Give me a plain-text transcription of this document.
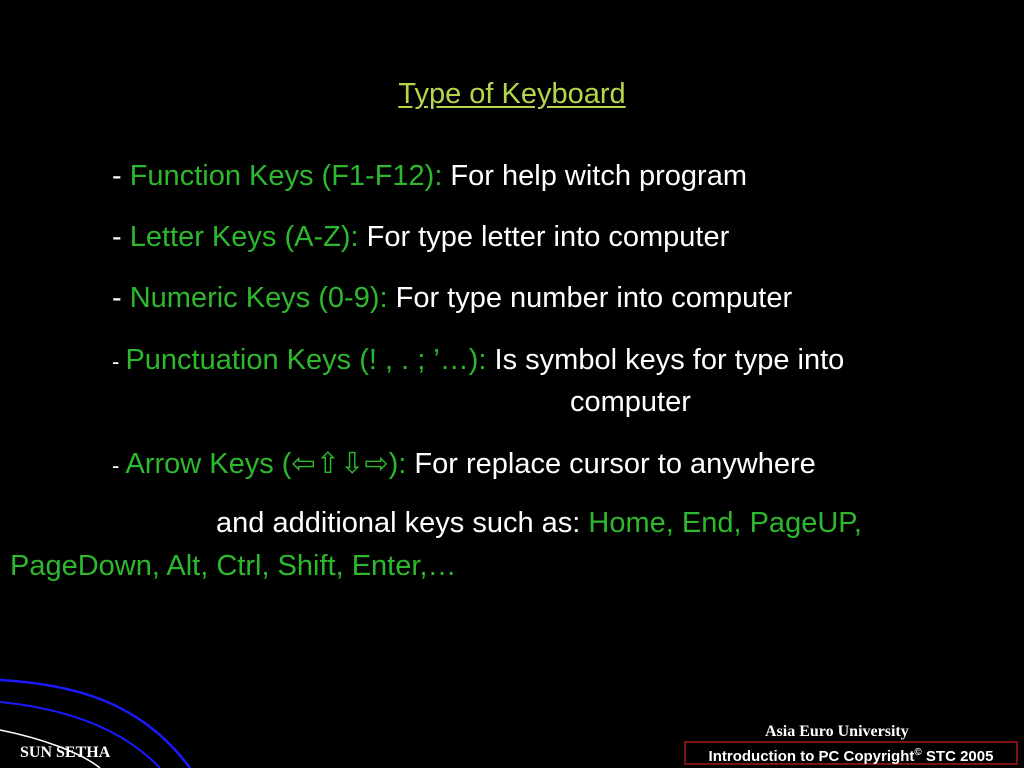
Type of Keyboard
- Function Keys (F1-F12): For help witch program
- Letter Keys (A-Z): For type letter into computer
- Numeric Keys (0-9): For type number into computer
- Punctuation Keys (! , . ; ’…): Is symbol keys for type into
computer
- Arrow Keys (⇦⇧⇩⇨): For replace cursor to anywhere
and additional keys such as: Home, End, PageUP,
PageDown, Alt, Ctrl, Shift, Enter,…
SUN SETHA
Asia Euro University
Introduction to PC Copyright© STC 2005
